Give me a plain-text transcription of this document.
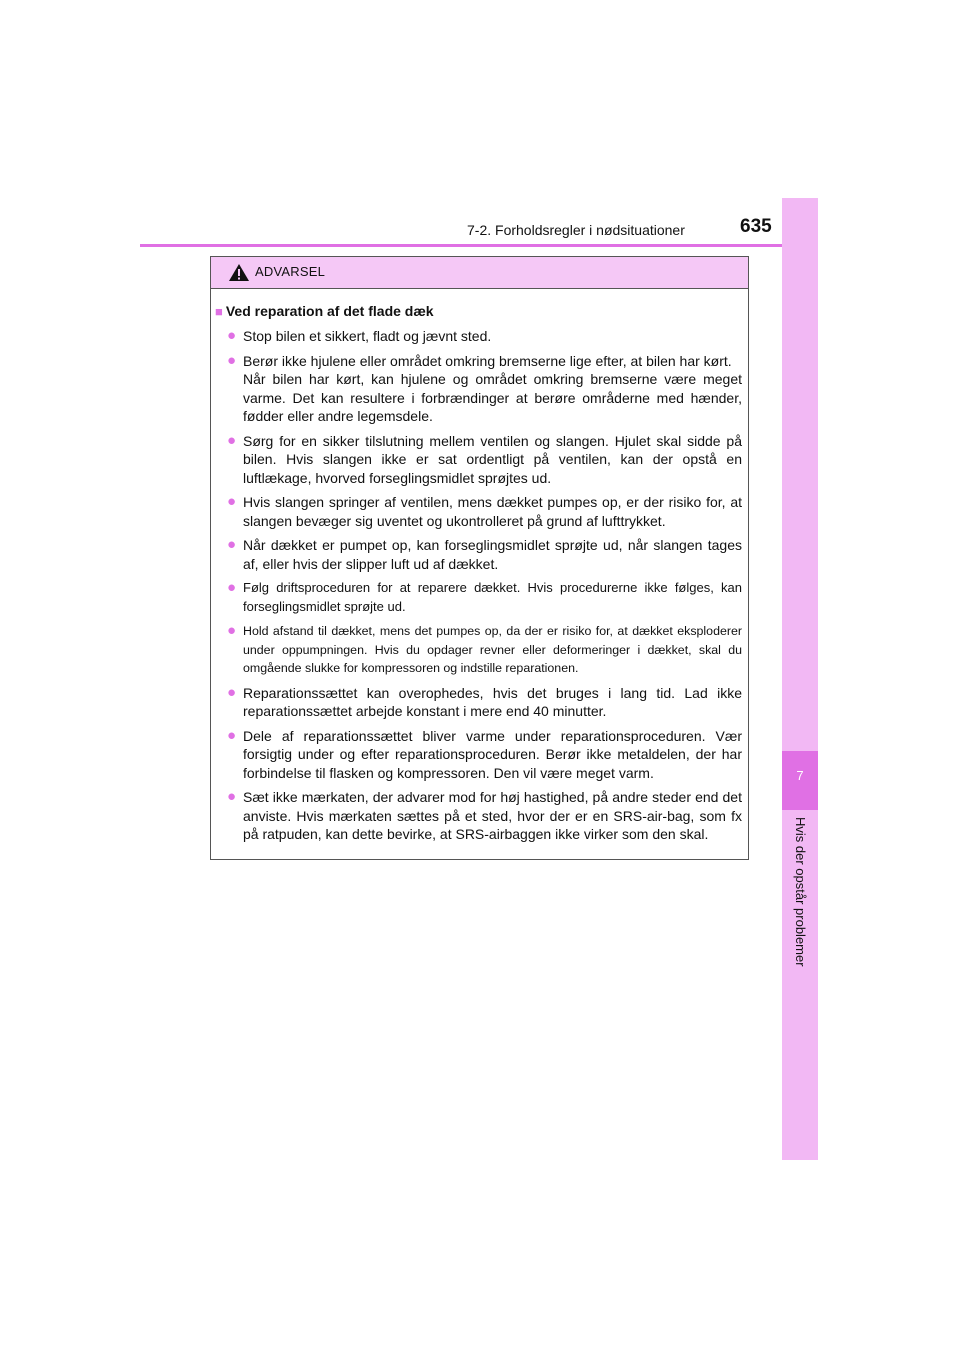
7-2. Forholdsregler i nødsituationer	635
7
Hvis der opstår problemer
ADVARSEL
■ Ved reparation af det flade dæk
● Stop bilen et sikkert, fladt og jævnt sted.
● Berør ikke hjulene eller området omkring bremserne lige efter, at bilen har kørt.
Når bilen har kørt, kan hjulene og området omkring bremserne være meget varme. Det kan resultere i forbrændinger at berøre områderne med hænder, fødder eller andre legemsdele.
● Sørg for en sikker tilslutning mellem ventilen og slangen. Hjulet skal sidde på bilen. Hvis slangen ikke er sat ordentligt på ventilen, kan der opstå en luftlækage, hvorved forseglingsmidlet sprøjtes ud.
● Hvis slangen springer af ventilen, mens dækket pumpes op, er der risiko for, at slangen bevæger sig uventet og ukontrolleret på grund af lufttrykket.
● Når dækket er pumpet op, kan forseglingsmidlet sprøjte ud, når slangen tages af, eller hvis der slipper luft ud af dækket.
● Følg driftsproceduren for at reparere dækket. Hvis procedurerne ikke følges, kan forseglingsmidlet sprøjte ud.
● Hold afstand til dækket, mens det pumpes op, da der er risiko for, at dækket eksploderer under oppumpningen. Hvis du opdager revner eller deformeringer i dækket, skal du omgående slukke for kompressoren og indstille reparationen.
● Reparationssættet kan overophedes, hvis det bruges i lang tid. Lad ikke reparationssættet arbejde konstant i mere end 40 minutter.
● Dele af reparationssættet bliver varme under reparationsproceduren. Vær forsigtig under og efter reparationsproceduren. Berør ikke metaldelen, der har forbindelse til flasken og kompressoren. Den vil være meget varm.
● Sæt ikke mærkaten, der advarer mod for høj hastighed, på andre steder end det anviste. Hvis mærkaten sættes på et sted, hvor der er en SRS-air-bag, som fx på ratpuden, kan dette bevirke, at SRS-airbaggen ikke virker som den skal.
